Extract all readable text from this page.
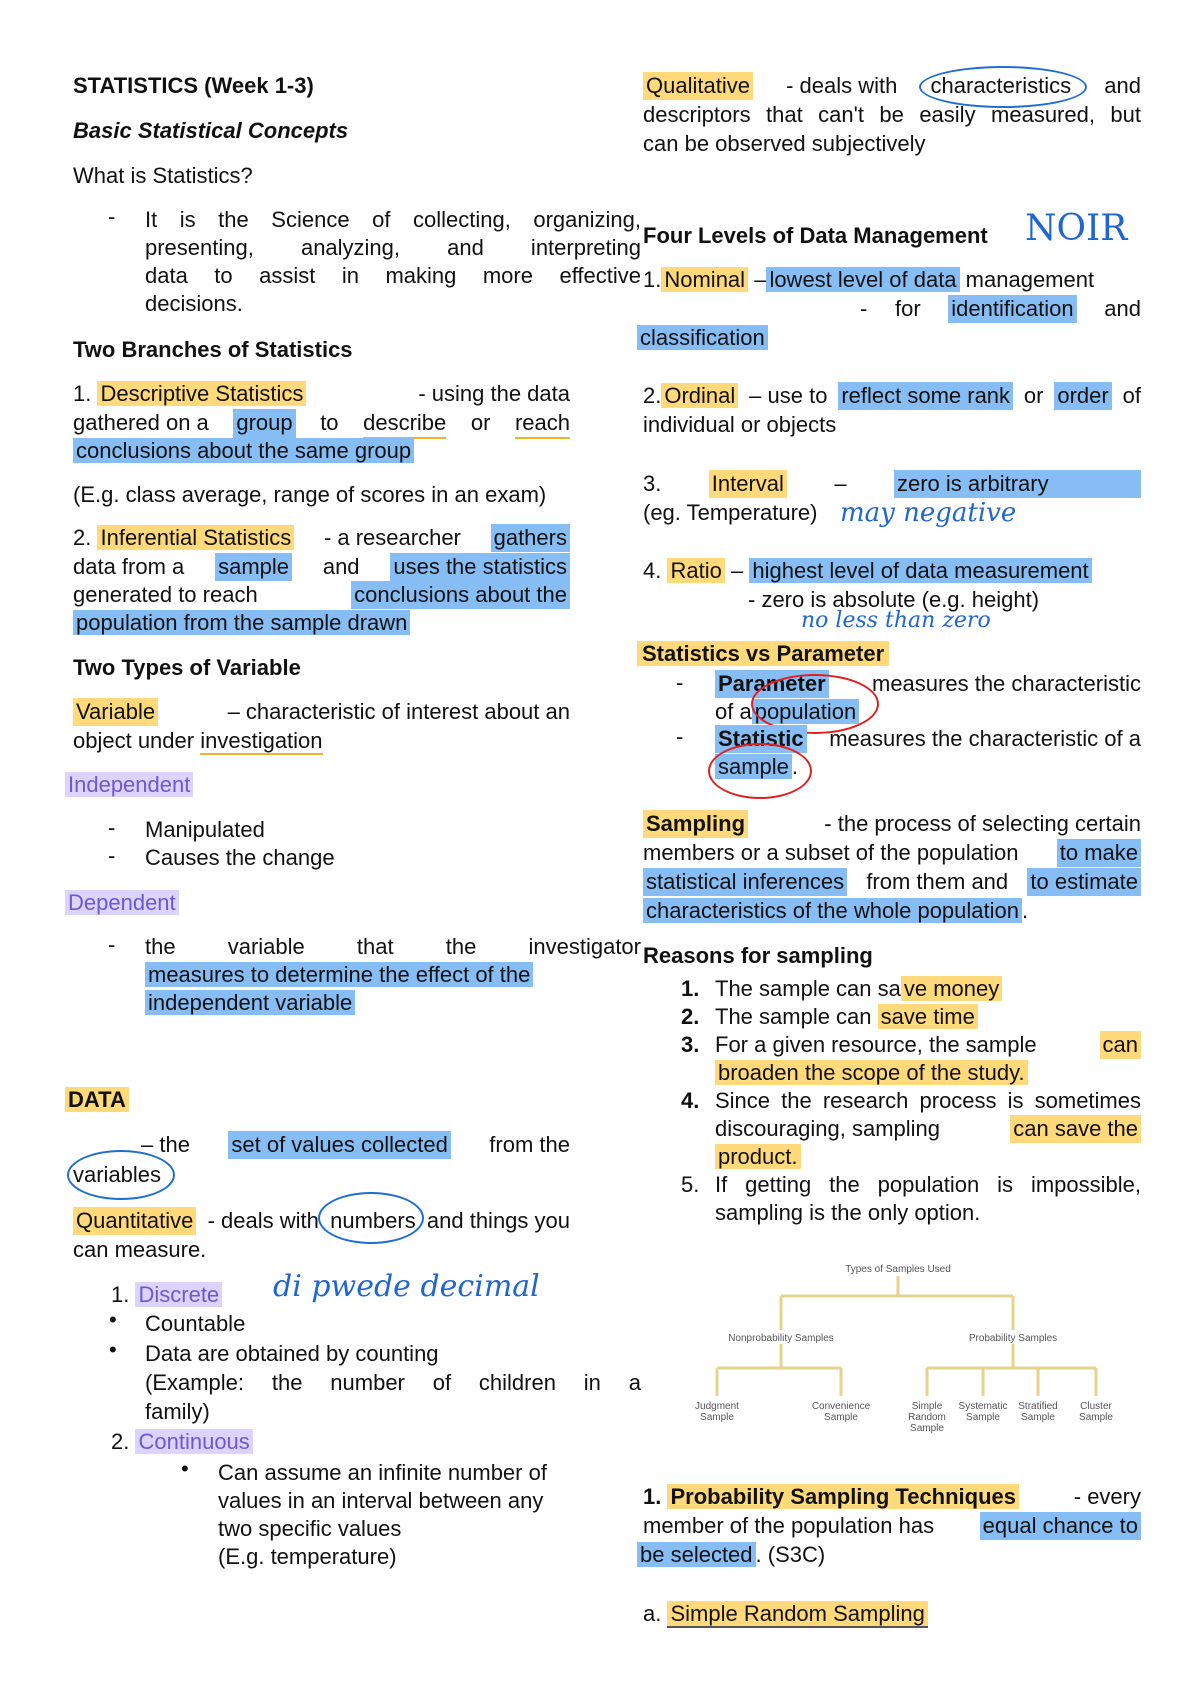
STATISTICS (Week 1-3)
Basic Statistical Concepts
What is Statistics?
- It is the Science of collecting, organizing,
presenting, analyzing, and interpreting
data to assist in making more effective
decisions.
Two Branches of Statistics
1. Descriptive Statistics	- using the data
gathered on a group to describe or reach
conclusions about the same group
(E.g. class average, range of scores in an exam)
2. Inferential Statistics - a researcher gathers
data from a sample and uses the statistics
generated to reach	conclusions about the
population from the sample drawn
Two Types of Variable
Variable	– characteristic of interest about an
object under investigation
Independent
- Manipulated
- Causes the change
Dependent
- the variable that the investigator
measures to determine the effect of the
independent variable
DATA
– the set of values collected from the
variables
Quantitative - deals with numbers and things you
can measure.
1. Discrete di pwede decimal
• Countable
• Data are obtained by counting
(Example: the number of children in a
family)
2. Continuous
• Can assume an infinite number of
values in an interval between any
two specific values
(E.g. temperature)
Qualitative - deals with characteristics and
descriptors that can't be easily measured, but
can be observed subjectively
Four Levels of Data Management NOIR
1. Nominal – lowest level of data management
- for identification and
classification
2. Ordinal – use to reflect some rank or order of
individual or objects
3. Interval – zero is arbitrary
(eg. Temperature) may negative
4. Ratio – highest level of data measurement
- zero is absolute (e.g. height)
no less than zero
Statistics vs Parameter
- Parameter measures the characteristic
of a population
- Statistic measures the characteristic of a
sample .
Sampling	- the process of selecting certain
members or a subset of the population to make
statistical inferences from them and to estimate
characteristics of the whole population .
Reasons for sampling
1. The sample can sa ve money
2. The sample can save time
3. For a given resource, the sample	can
broaden the scope of the study.
4. Since the research process is sometimes
discouraging, sampling	can save the
product.
5. If getting the population is impossible,
sampling is the only option.
Types of Samples Used
Nonprobability Samples	Probability Samples
Judgment
Sample
Convenience
Sample
Simple
Random
Sample
Systematic
Sample
Stratified
Sample
Cluster
Sample
1. Probability Sampling Techniques	- every
member of the population has equal chance to
be selected . (S3C)
a. Simple Random Sampling
